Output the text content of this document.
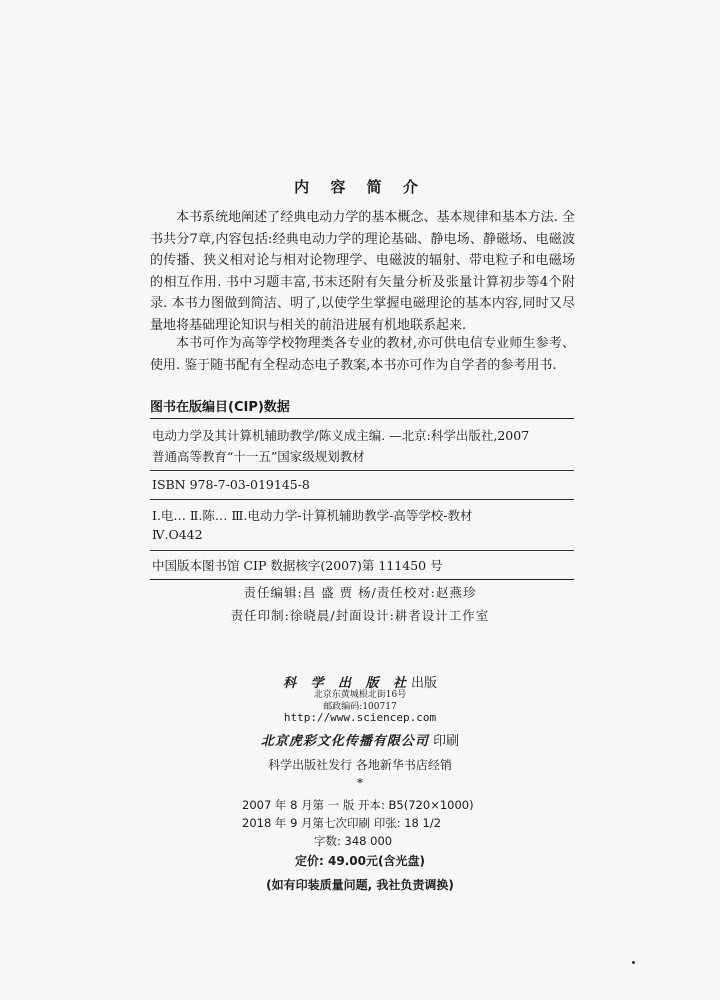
内 容 简 介

本书系统地阐述了经典电动力学的基本概念、基本规律和基本方法. 全书共分7章,内容包括:经典电动力学的理论基础、静电场、静磁场、电磁波的传播、狭义相对论与相对论物理学、电磁波的辐射、带电粒子和电磁场的相互作用. 书中习题丰富,书末还附有矢量分析及张量计算初步等4个附录. 本书力图做到简洁、明了,以使学生掌握电磁理论的基本内容,同时又尽量地将基础理论知识与相关的前沿进展有机地联系起来.

本书可作为高等学校物理类各专业的教材,亦可供电信专业师生参考、使用. 鉴于随书配有全程动态电子教案,本书亦可作为自学者的参考用书.

图书在版编目(CIP)数据
电动力学及其计算机辅助教学/陈义成主编. —北京:科学出版社,2007
普通高等教育“十一五”国家级规划教材
ISBN 978-7-03-019145-8
Ⅰ.电… Ⅱ.陈… Ⅲ.电动力学-计算机辅助教学-高等学校-教材
Ⅳ.O442
中国版本图书馆 CIP 数据核字(2007)第 111450 号
责任编辑:昌 盛 贾 杨/责任校对:赵燕珍
责任印制:徐晓晨/封面设计:耕者设计工作室
科 学 出 版 社出版
北京东黄城根北街16号
邮政编码:100717
http://www.sciencep.com
北京虎彩文化传播有限公司 印刷
科学出版社发行 各地新华书店经销
*
2007 年 8 月第 一 版 开本: B5(720×1000)
2018 年 9 月第七次印刷 印张: 18 1/2
字数: 348 000
定价: 49.00元(含光盘)
(如有印装质量问题, 我社负责调换)
